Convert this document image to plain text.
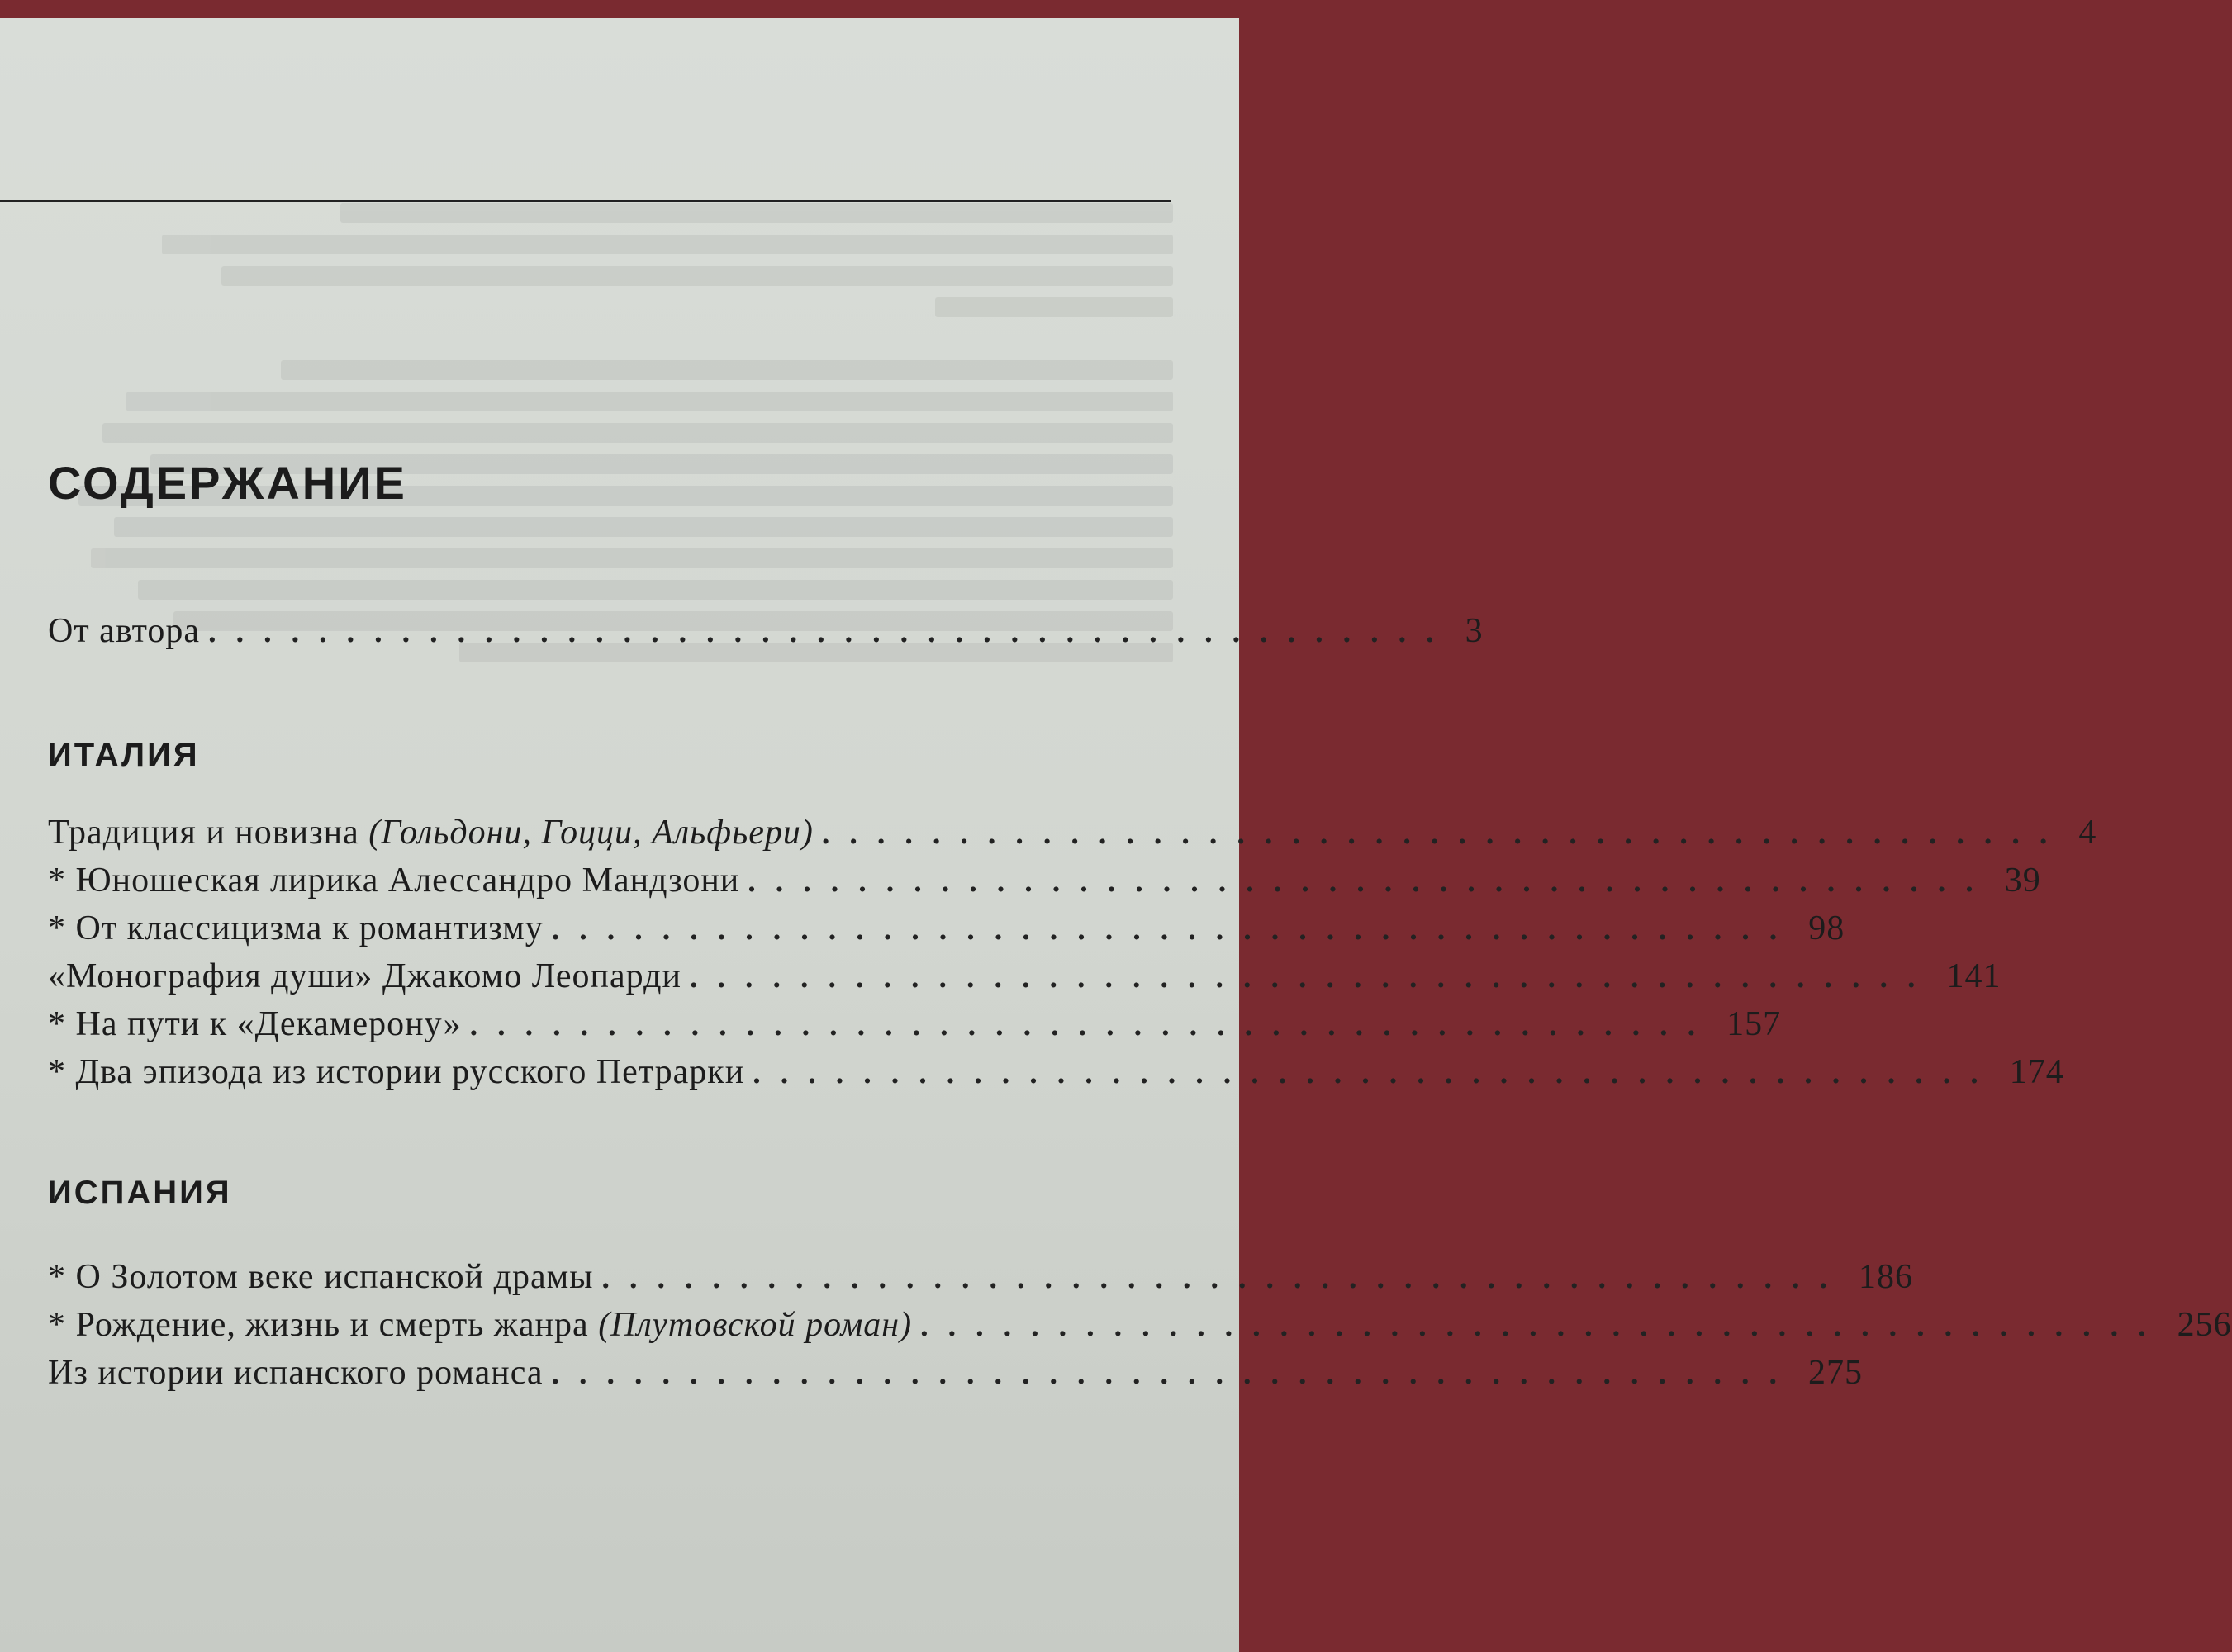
СОДЕРЖАНИЕ
От автора ............................................. 3
ИТАЛИЯ
Традиция и новизна (Гольдони, Гоцци, Альфьери) ............................................. 4
* Юношеская лирика Алессандро Мандзони ............................................. 39
* От классицизма к романтизму ............................................. 98
«Монография души» Джакомо Леопарди ............................................. 141
* На пути к «Декамерону» ............................................. 157
* Два эпизода из истории русского Петрарки ............................................. 174
ИСПАНИЯ
* О Золотом веке испанской драмы ............................................. 186
* Рождение, жизнь и смерть жанра (Плутовской роман) ............................................. 256
Из истории испанского романса ............................................. 275
